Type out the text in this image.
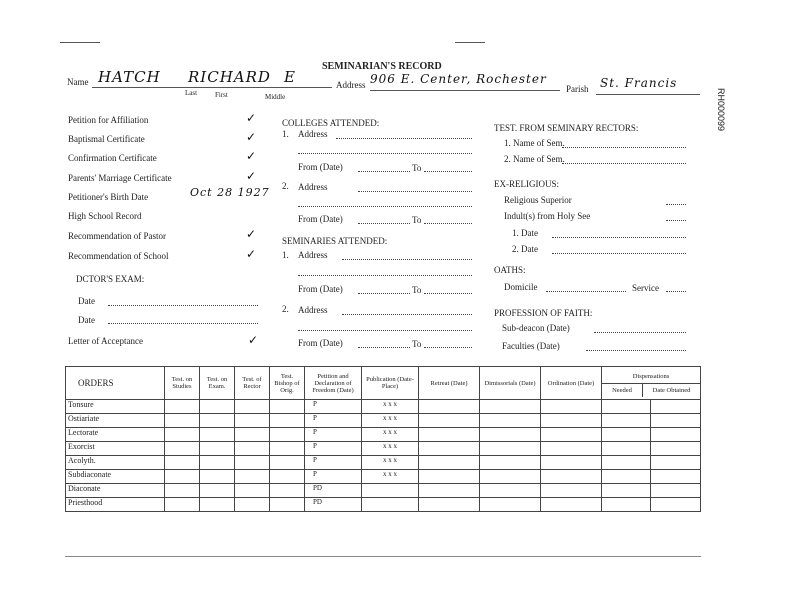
SEMINARIAN'S RECORD
RH000099
Name HATCH RICHARD E
Last	First	Middle
Address 906 E. Center, Rochester
Parish St. Francis
Petition for Affiliation	✓
Baptismal Certificate	✓
Confirmation Certificate	✓
Parents' Marriage Certificate	✓
Petitioner's Birth Date
High School Record
Recommendation of Pastor	✓
Recommendation of School	✓
Oct 28 1927
DCTOR'S EXAM:
Date
Date
Letter of Acceptance	✓
COLLEGES ATTENDED:
1. Address
From (Date)	To
2. Address
From (Date)	To
SEMINARIES ATTENDED:
1. Address
From (Date)	To
2. Address
From (Date)	To
TEST. FROM SEMINARY RECTORS:
1. Name of Sem.
2. Name of Sem.
EX-RELIGIOUS:
Religious Superior
Indult(s) from Holy See
1. Date
2. Date
OATHS:
Domicile	Service
PROFESSION OF FAITH:
Sub-deacon (Date)
Faculties (Date)
ORDERS	Test. on Studies	Test. on Exam.	Test. of Rector	Test. Bishop of Orig.	Petition and Declaration of Freedom (Date)	Publication (Date-Place)	Retreat (Date)	Dimissorials (Date)	Ordination (Date)	Dispensations
Needed Date Obtained	

Tonsure					P	x x x					
Ostiariate					P	x x x					
Lectorate					P	x x x					
Exorcist					P	x x x					
Acolyth.					P	x x x					
Subdiaconate					P	x x x					
Diaconate					PD						
Priesthood					PD						
